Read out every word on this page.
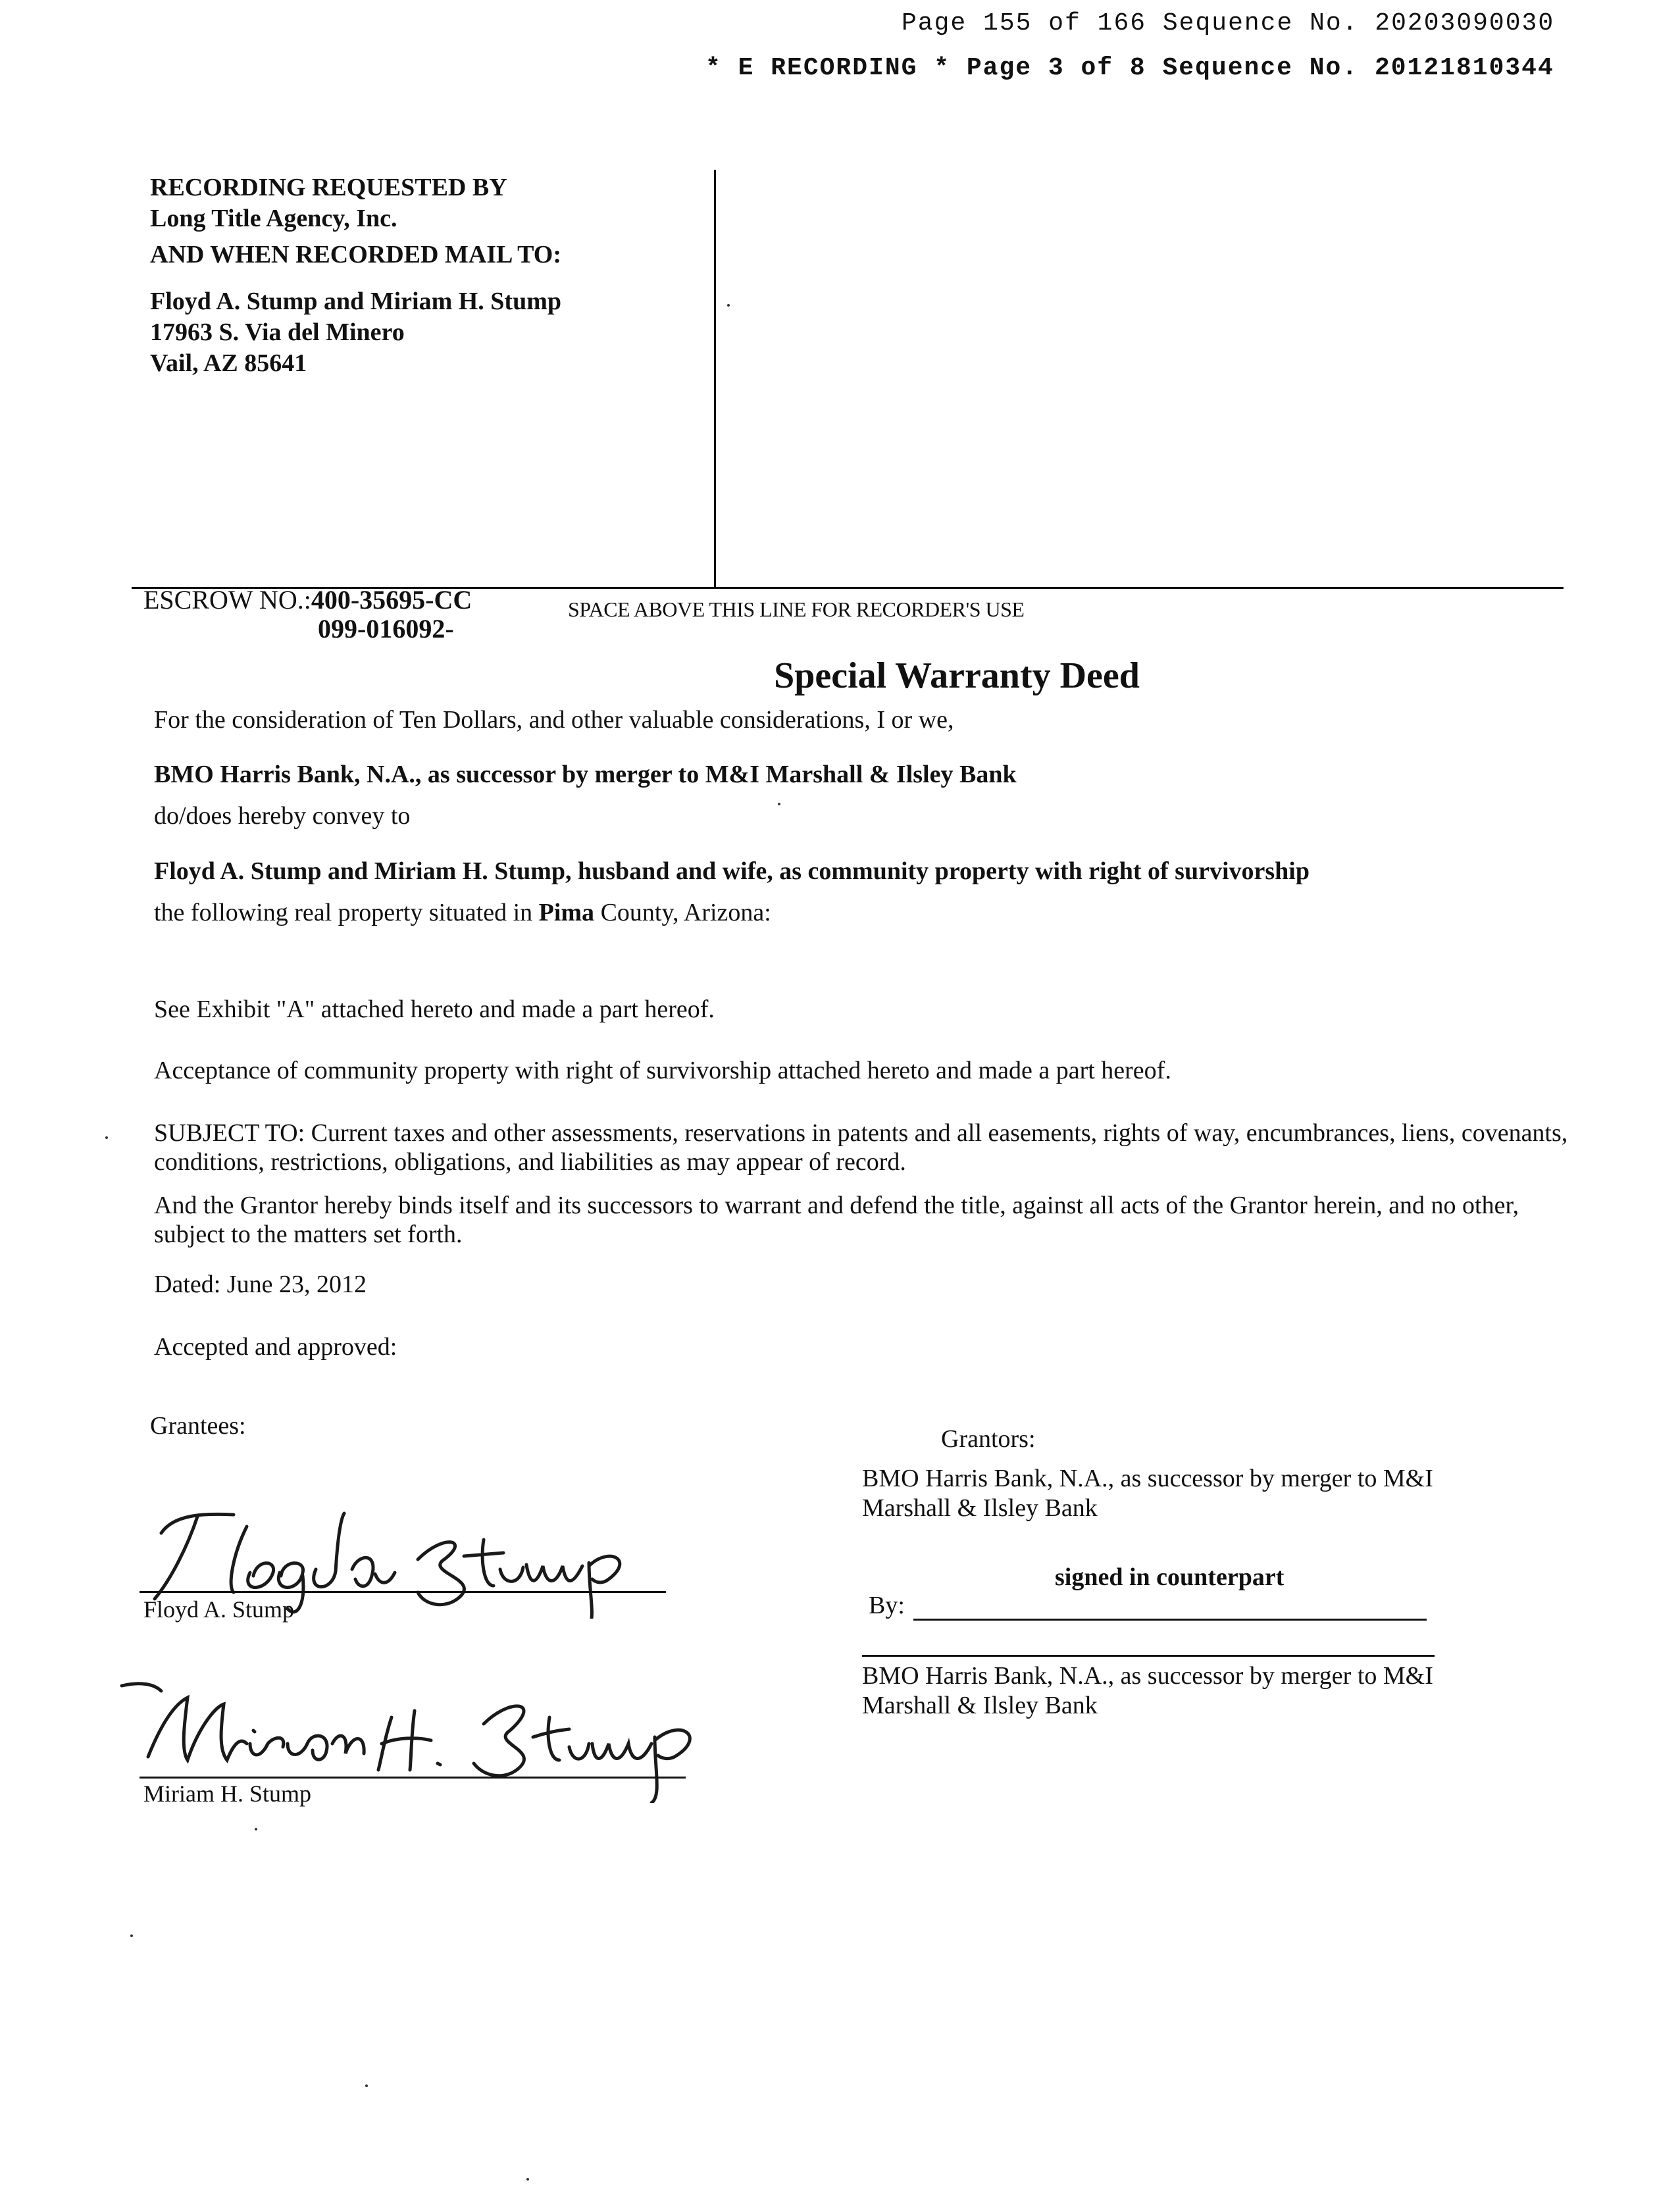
Page 155 of 166 Sequence No. 20203090030
* E RECORDING * Page 3 of 8 Sequence No. 20121810344
RECORDING REQUESTED BY
Long Title Agency, Inc.
AND WHEN RECORDED MAIL TO:
Floyd A. Stump and Miriam H. Stump
17963 S. Via del Minero
Vail, AZ 85641
ESCROW NO.:400-35695-CC
099-016092-
SPACE ABOVE THIS LINE FOR RECORDER'S USE
Special Warranty Deed
For the consideration of Ten Dollars, and other valuable considerations, I or we,
BMO Harris Bank, N.A., as successor by merger to M&I Marshall & Ilsley Bank
do/does hereby convey to
Floyd A. Stump and Miriam H. Stump, husband and wife, as community property with right of survivorship
the following real property situated in Pima County, Arizona:
See Exhibit "A" attached hereto and made a part hereof.
Acceptance of community property with right of survivorship attached hereto and made a part hereof.
SUBJECT TO: Current taxes and other assessments, reservations in patents and all easements, rights of way, encumbrances, liens, covenants, conditions, restrictions, obligations, and liabilities as may appear of record.
And the Grantor hereby binds itself and its successors to warrant and defend the title, against all acts of the Grantor herein, and no other, subject to the matters set forth.
Dated: June 23, 2012
Accepted and approved:
Grantees:
Floyd A. Stump
Miriam H. Stump
Grantors:
BMO Harris Bank, N.A., as successor by merger to M&I
Marshall & Ilsley Bank
signed in counterpart
By:
BMO Harris Bank, N.A., as successor by merger to M&I
Marshall & Ilsley Bank
